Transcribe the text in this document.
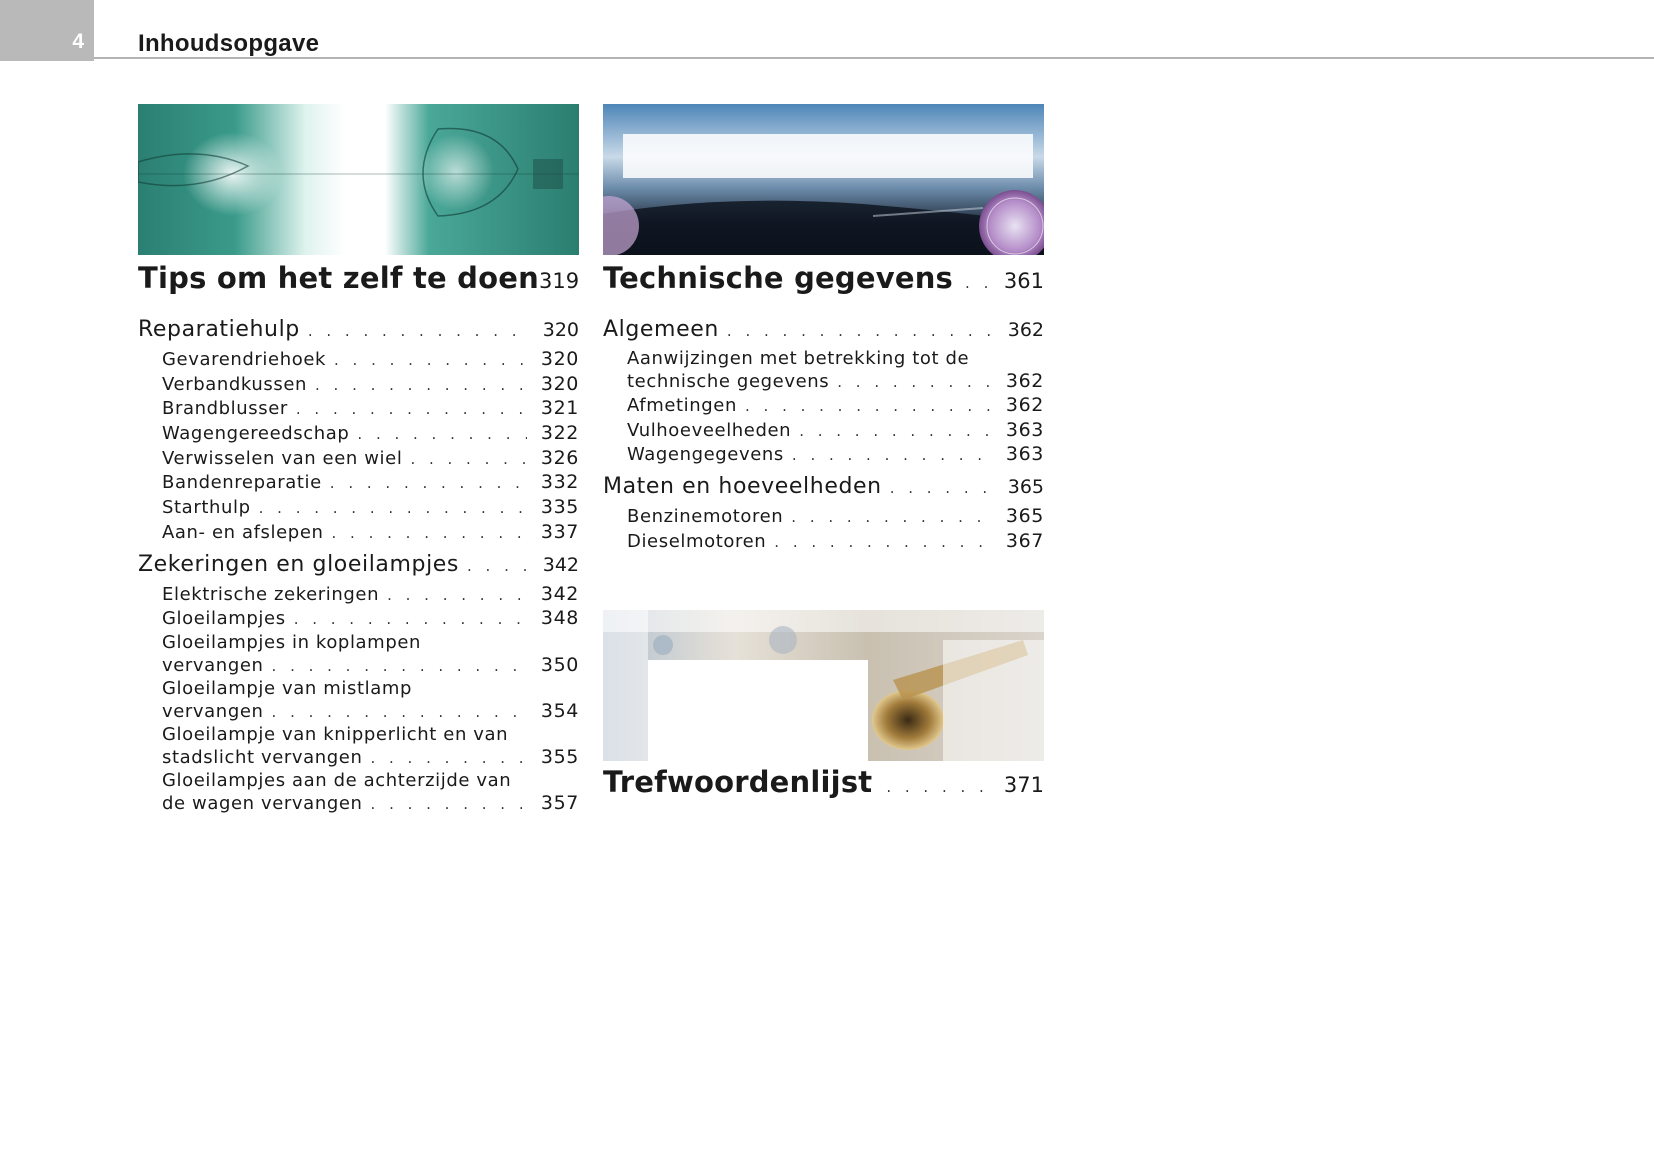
4 Inhoudsopgave
Tips om het zelf te doen 319
Reparatiehulp . . .	320
Gevarendriehoek . . .	320
Verbandkussen . . .	320
Brandblusser . . .	321
Wagengereedschap . . .	322
Verwisselen van een wiel . . .	326
Bandenreparatie . . .	332
Starthulp . . .	335
Aan- en afslepen . . .	337
Zekeringen en gloeilampjes . . .	342
Elektrische zekeringen . . .	342
Gloeilampjes . . .	348
Gloeilampjes in koplampen
vervangen . . .	350
Gloeilampje van mistlamp
vervangen . . .	354
Gloeilampje van knipperlicht en van
stadslicht vervangen . . .	355
Gloeilampjes aan de achterzijde van
de wagen vervangen . . .	357
Technische gegevens . . . 361
Algemeen . . .	362
Aanwijzingen met betrekking tot de
technische gegevens . . .	362
Afmetingen . . .	362
Vulhoeveelheden . . .	363
Wagengegevens . . .	363
Maten en hoeveelheden . . .	365
Benzinemotoren . . .	365
Dieselmotoren . . .	367
Trefwoordenlijst . . .	371
